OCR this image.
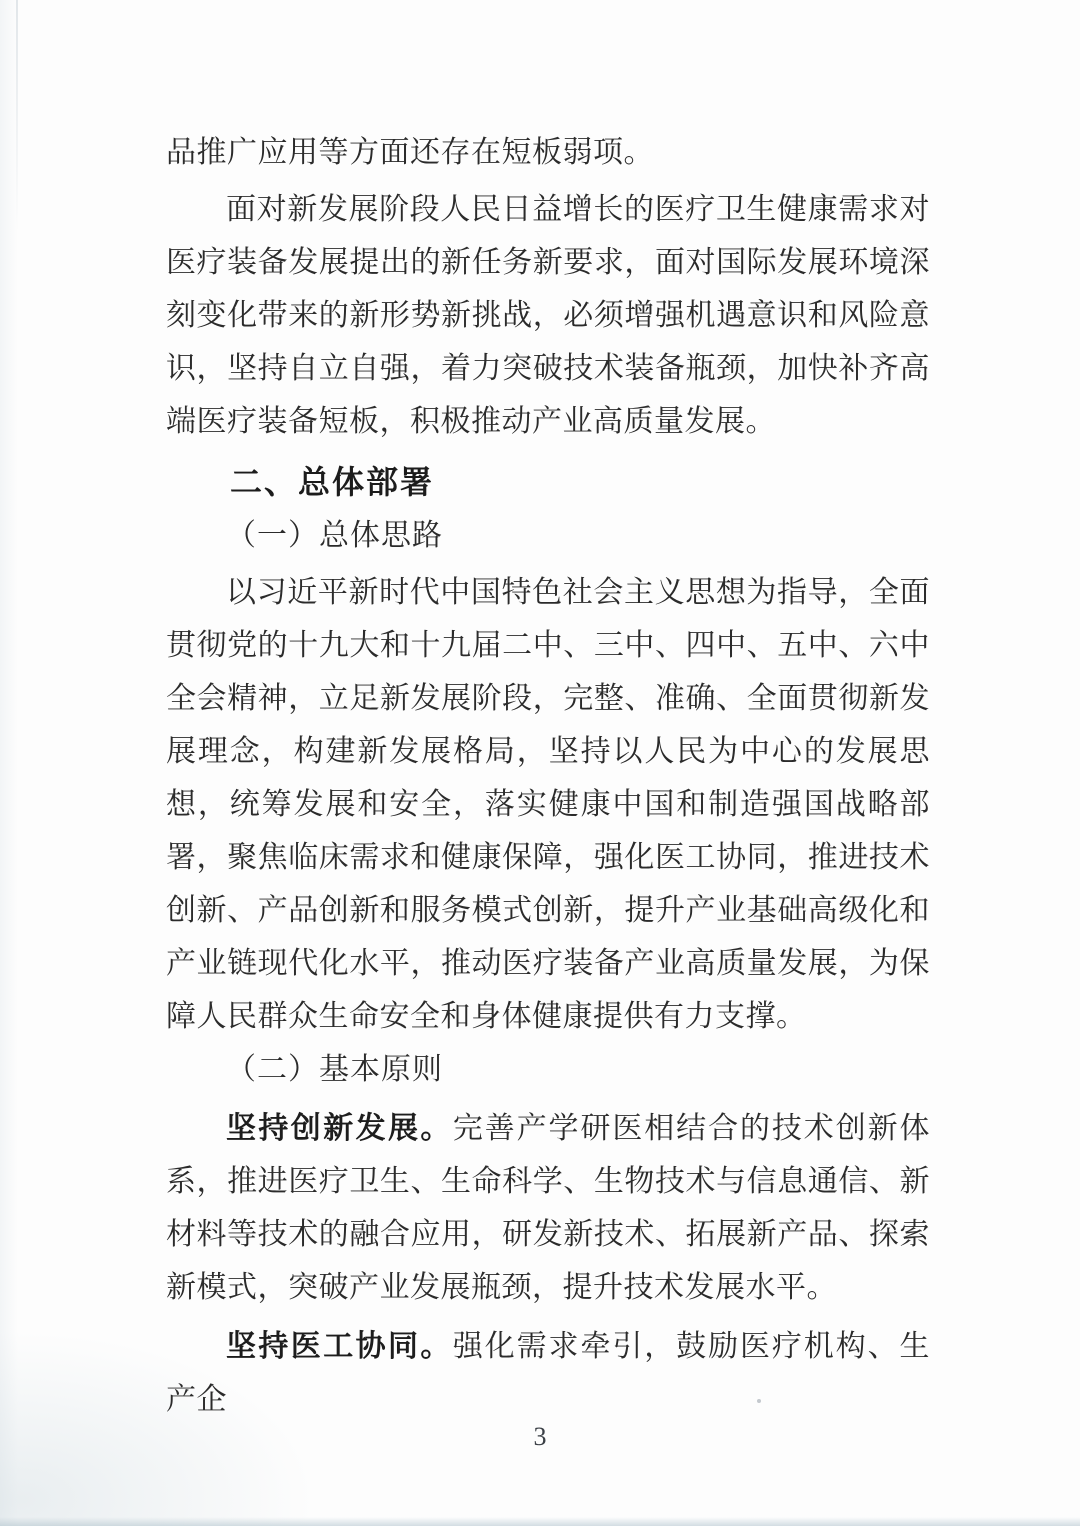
品推广应用等方面还存在短板弱项。

面对新发展阶段人民日益增长的医疗卫生健康需求对医疗装备发展提出的新任务新要求，面对国际发展环境深刻变化带来的新形势新挑战，必须增强机遇意识和风险意识，坚持自立自强，着力突破技术装备瓶颈，加快补齐高端医疗装备短板，积极推动产业高质量发展。

二、总体部署
（一）总体思路

以习近平新时代中国特色社会主义思想为指导，全面贯彻党的十九大和十九届二中、三中、四中、五中、六中全会精神，立足新发展阶段，完整、准确、全面贯彻新发展理念，构建新发展格局，坚持以人民为中心的发展思想，统筹发展和安全，落实健康中国和制造强国战略部署，聚焦临床需求和健康保障，强化医工协同，推进技术创新、产品创新和服务模式创新，提升产业基础高级化和产业链现代化水平，推动医疗装备产业高质量发展，为保障人民群众生命安全和身体健康提供有力支撑。

（二）基本原则

坚持创新发展。完善产学研医相结合的技术创新体系，推进医疗卫生、生命科学、生物技术与信息通信、新材料等技术的融合应用，研发新技术、拓展新产品、探索新模式，突破产业发展瓶颈，提升技术发展水平。

坚持医工协同。强化需求牵引，鼓励医疗机构、生产企

3
